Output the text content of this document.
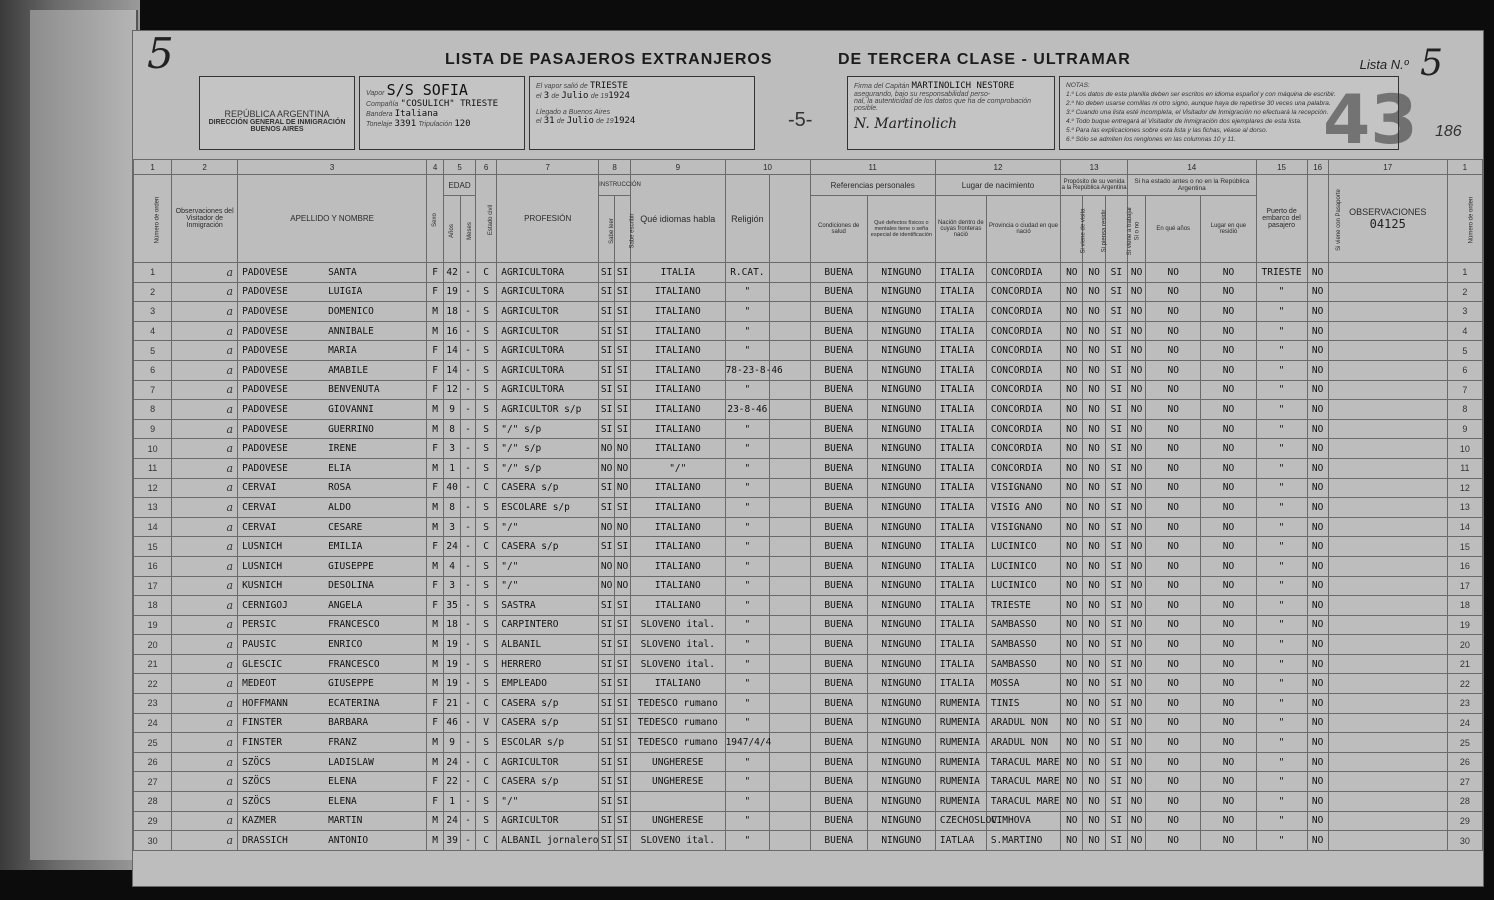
5	LISTA DE PASAJEROS EXTRANJEROS	DE TERCERA CLASE - ULTRAMAR	Lista N.º 5
REPÚBLICA ARGENTINA
DIRECCIÓN GENERAL DE INMIGRACIÓN
BUENOS AIRES
Vapor S/S SOFIA
Compañía "COSULICH" TRIESTE
Bandera Italiana
Tonelaje 3391 Tripulación 120
El vapor salió de TRIESTE
el 3 de Julio de 191924
Llegado a Buenos Aires
el 31 de Julio de 191924	-5-
Firma del Capitán MARTINOLICH NESTORE
asegurando, bajo su responsabilidad perso-
nal, la autenticidad de los datos que ha de comprobación posible.
N. Martinolich
NOTAS:
1.º Los datos de esta planilla deben ser escritos en idioma español y con máquina de escribir.
2.º No deben usarse comillas ni otro signo, aunque haya de repetirse 30 veces una palabra.
3.º Cuando una lista esté incompleta, el Visitador de Inmigración no efectuará la recepción.
4.º Todo buque entregará al Visitador de Inmigración dos ejemplares de esta lista.
5.º Para las explicaciones sobre esta lista y las fichas, véase al dorso.
6.º Sólo se admiten los renglones en las columnas 10 y 11.	43 186
1	2	3	4	5		6	7	8		9	10		11		12		13			14			15	16	17	1
Número de orden	Observaciones del Visitador de Inmigración	APELLIDO Y NOMBRE	Sexo	EDAD		Estado civil	PROFESIÓN	INSTRUCCIÓN		Qué idiomas habla	Religión		Referencias personales		Lugar de nacimiento		Propósito de su venida a la República Argentina			Si ha estado antes o no en la República Argentina			Puerto de embarco del pasajero	Si viene con Pasaporte	OBSERVACIONES
04125	Número de orden
				Años	Meses			Sabe leer	Sabe escribir				Condiciones de salud	Qué defectos físicos o mentales tiene o seña especial de identificación	Nación dentro de cuyas fronteras nació	Provincia o ciudad en que nació	Si viene de visita	Si piensa residir	Si viene a trabajar	Si o no	En qué años	Lugar en que residió				
1	a	PADOVESE SANTA	F	42	-	C	AGRICULTORA	SI	SI	ITALIA	R.CAT.		BUENA	NINGUNO	ITALIA	CONCORDIA	NO	NO	SI	NO	NO	NO	TRIESTE	NO		1
2	a	PADOVESE LUIGIA	F	19	-	S	AGRICULTORA	SI	SI	ITALIANO	"		BUENA	NINGUNO	ITALIA	CONCORDIA	NO	NO	SI	NO	NO	NO	"	NO		2
3	a	PADOVESE DOMENICO	M	18	-	S	AGRICULTOR	SI	SI	ITALIANO	"		BUENA	NINGUNO	ITALIA	CONCORDIA	NO	NO	SI	NO	NO	NO	"	NO		3
4	a	PADOVESE ANNIBALE	M	16	-	S	AGRICULTOR	SI	SI	ITALIANO	"		BUENA	NINGUNO	ITALIA	CONCORDIA	NO	NO	SI	NO	NO	NO	"	NO		4
5	a	PADOVESE MARIA	F	14	-	S	AGRICULTORA	SI	SI	ITALIANO	"		BUENA	NINGUNO	ITALIA	CONCORDIA	NO	NO	SI	NO	NO	NO	"	NO		5
6	a	PADOVESE AMABILE	F	14	-	S	AGRICULTORA	SI	SI	ITALIANO	78-23-8-46		BUENA	NINGUNO	ITALIA	CONCORDIA	NO	NO	SI	NO	NO	NO	"	NO		6
7	a	PADOVESE BENVENUTA	F	12	-	S	AGRICULTORA	SI	SI	ITALIANO	"		BUENA	NINGUNO	ITALIA	CONCORDIA	NO	NO	SI	NO	NO	NO	"	NO		7
8	a	PADOVESE GIOVANNI	M	9	-	S	AGRICULTOR s/p	SI	SI	ITALIANO	23-8-46		BUENA	NINGUNO	ITALIA	CONCORDIA	NO	NO	SI	NO	NO	NO	"	NO		8
9	a	PADOVESE GUERRINO	M	8	-	S	"/" s/p	SI	SI	ITALIANO	"		BUENA	NINGUNO	ITALIA	CONCORDIA	NO	NO	SI	NO	NO	NO	"	NO		9
10	a	PADOVESE IRENE	F	3	-	S	"/" s/p	NO	NO	ITALIANO	"		BUENA	NINGUNO	ITALIA	CONCORDIA	NO	NO	SI	NO	NO	NO	"	NO		10
11	a	PADOVESE ELIA	M	1	-	S	"/" s/p	NO	NO	"/"	"		BUENA	NINGUNO	ITALIA	CONCORDIA	NO	NO	SI	NO	NO	NO	"	NO		11
12	a	CERVAI ROSA	F	40	-	C	CASERA s/p	SI	NO	ITALIANO	"		BUENA	NINGUNO	ITALIA	VISIGNANO	NO	NO	SI	NO	NO	NO	"	NO		12
13	a	CERVAI ALDO	M	8	-	S	ESCOLARE s/p	SI	SI	ITALIANO	"		BUENA	NINGUNO	ITALIA	VISIG ANO	NO	NO	SI	NO	NO	NO	"	NO		13
14	a	CERVAI CESARE	M	3	-	S	"/"	NO	NO	ITALIANO	"		BUENA	NINGUNO	ITALIA	VISIGNANO	NO	NO	SI	NO	NO	NO	"	NO		14
15	a	LUSNICH EMILIA	F	24	-	C	CASERA s/p	SI	SI	ITALIANO	"		BUENA	NINGUNO	ITALIA	LUCINICO	NO	NO	SI	NO	NO	NO	"	NO		15
16	a	LUSNICH GIUSEPPE	M	4	-	S	"/"	NO	NO	ITALIANO	"		BUENA	NINGUNO	ITALIA	LUCINICO	NO	NO	SI	NO	NO	NO	"	NO		16
17	a	KUSNICH DESOLINA	F	3	-	S	"/"	NO	NO	ITALIANO	"		BUENA	NINGUNO	ITALIA	LUCINICO	NO	NO	SI	NO	NO	NO	"	NO		17
18	a	CERNIGOJ ANGELA	F	35	-	S	SASTRA	SI	SI	ITALIANO	"		BUENA	NINGUNO	ITALIA	TRIESTE	NO	NO	SI	NO	NO	NO	"	NO		18
19	a	PERSIC FRANCESCO	M	18	-	S	CARPINTERO	SI	SI	SLOVENO ital.	"		BUENA	NINGUNO	ITALIA	SAMBASSO	NO	NO	SI	NO	NO	NO	"	NO		19
20	a	PAUSIC ENRICO	M	19	-	S	ALBANIL	SI	SI	SLOVENO ital.	"		BUENA	NINGUNO	ITALIA	SAMBASSO	NO	NO	SI	NO	NO	NO	"	NO		20
21	a	GLESCIC FRANCESCO	M	19	-	S	HERRERO	SI	SI	SLOVENO ital.	"		BUENA	NINGUNO	ITALIA	SAMBASSO	NO	NO	SI	NO	NO	NO	"	NO		21
22	a	MEDEOT GIUSEPPE	M	19	-	S	EMPLEADO	SI	SI	ITALIANO	"		BUENA	NINGUNO	ITALIA	MOSSA	NO	NO	SI	NO	NO	NO	"	NO		22
23	a	HOFFMANN ECATERINA	F	21	-	C	CASERA s/p	SI	SI	TEDESCO rumano	"		BUENA	NINGUNO	RUMENIA	TINIS	NO	NO	SI	NO	NO	NO	"	NO		23
24	a	FINSTER BARBARA	F	46	-	V	CASERA s/p	SI	SI	TEDESCO rumano	"		BUENA	NINGUNO	RUMENIA	ARADUL NON	NO	NO	SI	NO	NO	NO	"	NO		24
25	a	FINSTER FRANZ	M	9	-	S	ESCOLAR s/p	SI	SI	TEDESCO rumano	1947/4/4		BUENA	NINGUNO	RUMENIA	ARADUL NON	NO	NO	SI	NO	NO	NO	"	NO		25
26	a	SZÖCS LADISLAW	M	24	-	C	AGRICULTOR	SI	SI	UNGHERESE	"		BUENA	NINGUNO	RUMENIA	TARACUL MARE	NO	NO	SI	NO	NO	NO	"	NO		26
27	a	SZÖCS ELENA	F	22	-	C	CASERA s/p	SI	SI	UNGHERESE	"		BUENA	NINGUNO	RUMENIA	TARACUL MARE	NO	NO	SI	NO	NO	NO	"	NO		27
28	a	SZÖCS ELENA	F	1	-	S	"/"	SI	SI		"		BUENA	NINGUNO	RUMENIA	TARACUL MARE	NO	NO	SI	NO	NO	NO	"	NO		28
29	a	KAZMER MARTIN	M	24	-	S	AGRICULTOR	SI	SI	UNGHERESE	"		BUENA	NINGUNO	CZECHOSLOV.	CIMHOVA	NO	NO	SI	NO	NO	NO	"	NO		29
30	a	DRASSICH ANTONIO	M	39	-	C	ALBANIL jornalero	SI	SI	SLOVENO ital.	"		BUENA	NINGUNO	IATLAA	S.MARTINO	NO	NO	SI	NO	NO	NO	"	NO		30
